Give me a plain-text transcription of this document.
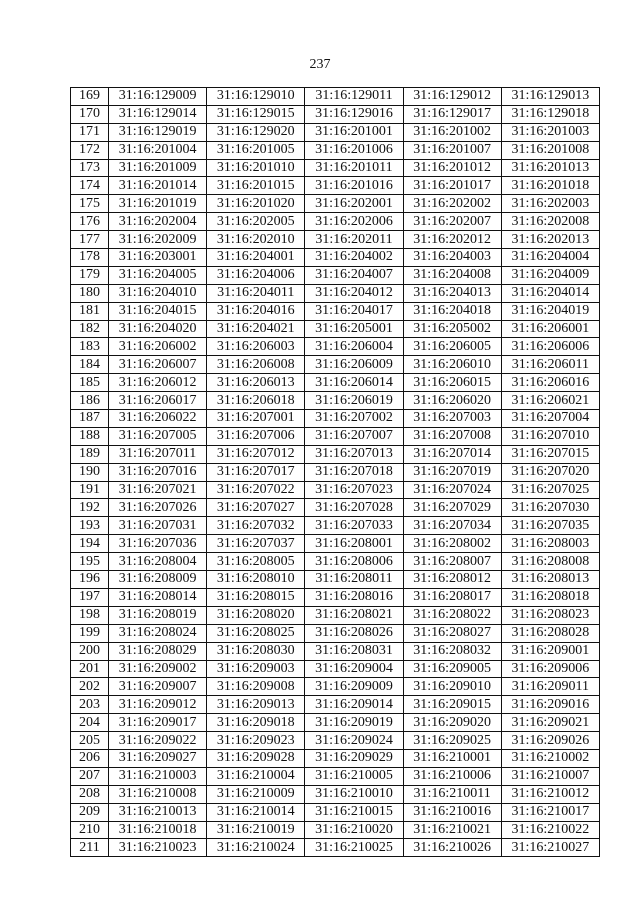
237
169	31:16:129009	31:16:129010	31:16:129011	31:16:129012	31:16:129013
170	31:16:129014	31:16:129015	31:16:129016	31:16:129017	31:16:129018
171	31:16:129019	31:16:129020	31:16:201001	31:16:201002	31:16:201003
172	31:16:201004	31:16:201005	31:16:201006	31:16:201007	31:16:201008
173	31:16:201009	31:16:201010	31:16:201011	31:16:201012	31:16:201013
174	31:16:201014	31:16:201015	31:16:201016	31:16:201017	31:16:201018
175	31:16:201019	31:16:201020	31:16:202001	31:16:202002	31:16:202003
176	31:16:202004	31:16:202005	31:16:202006	31:16:202007	31:16:202008
177	31:16:202009	31:16:202010	31:16:202011	31:16:202012	31:16:202013
178	31:16:203001	31:16:204001	31:16:204002	31:16:204003	31:16:204004
179	31:16:204005	31:16:204006	31:16:204007	31:16:204008	31:16:204009
180	31:16:204010	31:16:204011	31:16:204012	31:16:204013	31:16:204014
181	31:16:204015	31:16:204016	31:16:204017	31:16:204018	31:16:204019
182	31:16:204020	31:16:204021	31:16:205001	31:16:205002	31:16:206001
183	31:16:206002	31:16:206003	31:16:206004	31:16:206005	31:16:206006
184	31:16:206007	31:16:206008	31:16:206009	31:16:206010	31:16:206011
185	31:16:206012	31:16:206013	31:16:206014	31:16:206015	31:16:206016
186	31:16:206017	31:16:206018	31:16:206019	31:16:206020	31:16:206021
187	31:16:206022	31:16:207001	31:16:207002	31:16:207003	31:16:207004
188	31:16:207005	31:16:207006	31:16:207007	31:16:207008	31:16:207010
189	31:16:207011	31:16:207012	31:16:207013	31:16:207014	31:16:207015
190	31:16:207016	31:16:207017	31:16:207018	31:16:207019	31:16:207020
191	31:16:207021	31:16:207022	31:16:207023	31:16:207024	31:16:207025
192	31:16:207026	31:16:207027	31:16:207028	31:16:207029	31:16:207030
193	31:16:207031	31:16:207032	31:16:207033	31:16:207034	31:16:207035
194	31:16:207036	31:16:207037	31:16:208001	31:16:208002	31:16:208003
195	31:16:208004	31:16:208005	31:16:208006	31:16:208007	31:16:208008
196	31:16:208009	31:16:208010	31:16:208011	31:16:208012	31:16:208013
197	31:16:208014	31:16:208015	31:16:208016	31:16:208017	31:16:208018
198	31:16:208019	31:16:208020	31:16:208021	31:16:208022	31:16:208023
199	31:16:208024	31:16:208025	31:16:208026	31:16:208027	31:16:208028
200	31:16:208029	31:16:208030	31:16:208031	31:16:208032	31:16:209001
201	31:16:209002	31:16:209003	31:16:209004	31:16:209005	31:16:209006
202	31:16:209007	31:16:209008	31:16:209009	31:16:209010	31:16:209011
203	31:16:209012	31:16:209013	31:16:209014	31:16:209015	31:16:209016
204	31:16:209017	31:16:209018	31:16:209019	31:16:209020	31:16:209021
205	31:16:209022	31:16:209023	31:16:209024	31:16:209025	31:16:209026
206	31:16:209027	31:16:209028	31:16:209029	31:16:210001	31:16:210002
207	31:16:210003	31:16:210004	31:16:210005	31:16:210006	31:16:210007
208	31:16:210008	31:16:210009	31:16:210010	31:16:210011	31:16:210012
209	31:16:210013	31:16:210014	31:16:210015	31:16:210016	31:16:210017
210	31:16:210018	31:16:210019	31:16:210020	31:16:210021	31:16:210022
211	31:16:210023	31:16:210024	31:16:210025	31:16:210026	31:16:210027
